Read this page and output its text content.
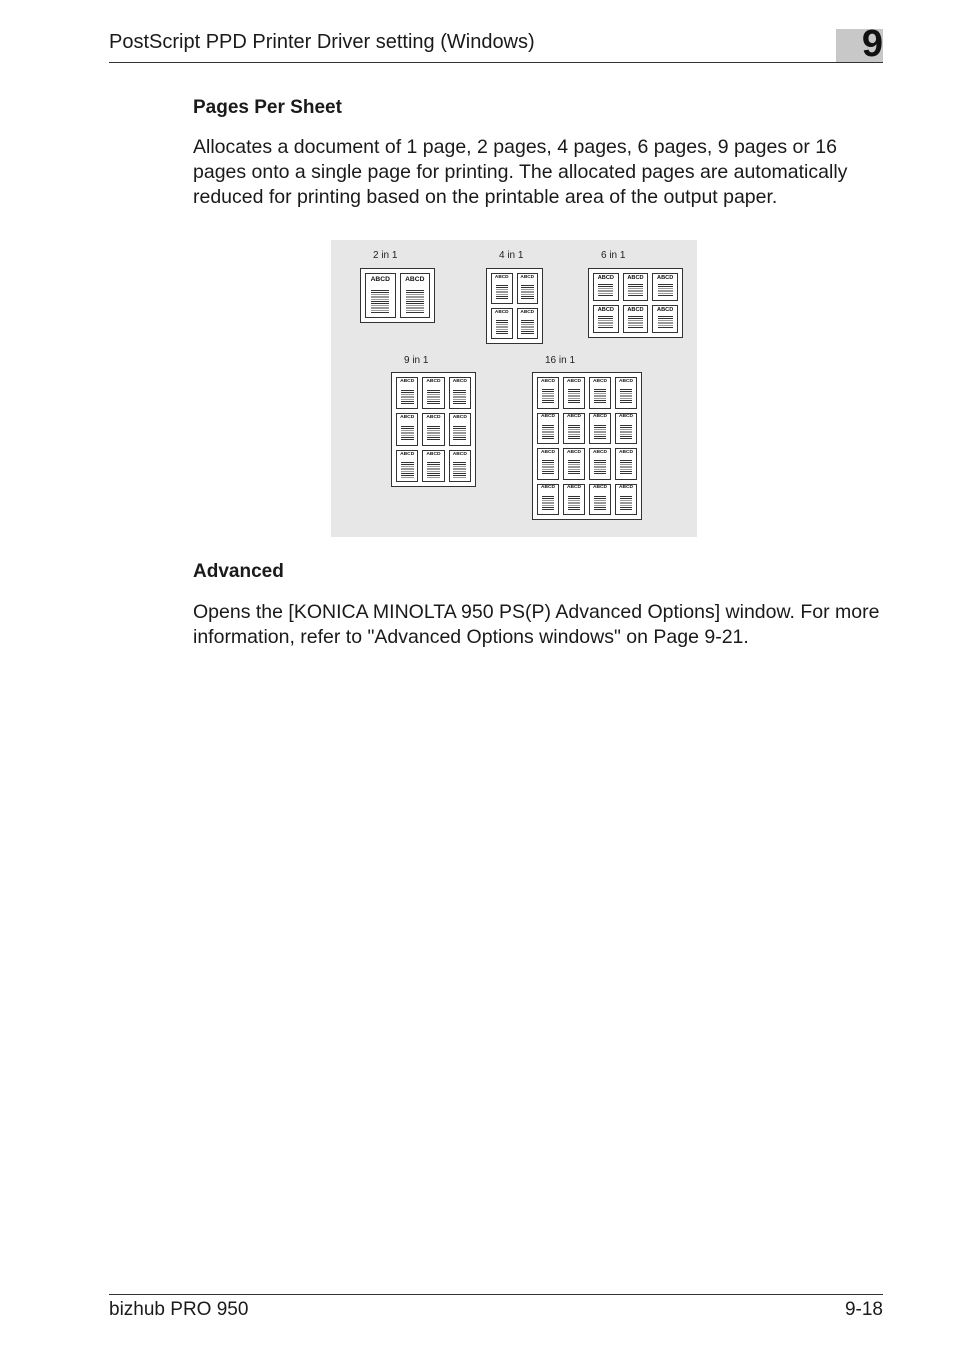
PostScript PPD Printer Driver setting (Windows)	9
Pages Per Sheet
Allocates a document of 1 page, 2 pages, 4 pages, 6 pages, 9 pages or 16 pages onto a single page for printing. The allocated pages are automatically reduced for printing based on the printable area of the output paper.
2 in 1
ABCD	ABCD
4 in 1
ABCD	ABCD
ABCD	ABCD
6 in 1
ABCD	ABCD	ABCD
ABCD	ABCD	ABCD
9 in 1
ABCD	ABCD	ABCD
ABCD	ABCD	ABCD
ABCD	ABCD	ABCD
16 in 1
ABCD	ABCD	ABCD	ABCD
ABCD	ABCD	ABCD	ABCD
ABCD	ABCD	ABCD	ABCD
ABCD	ABCD	ABCD	ABCD
Advanced
Opens the [KONICA MINOLTA 950 PS(P) Advanced Options] window. For more information, refer to "Advanced Options windows" on Page 9-21.
bizhub PRO 950	9-18
